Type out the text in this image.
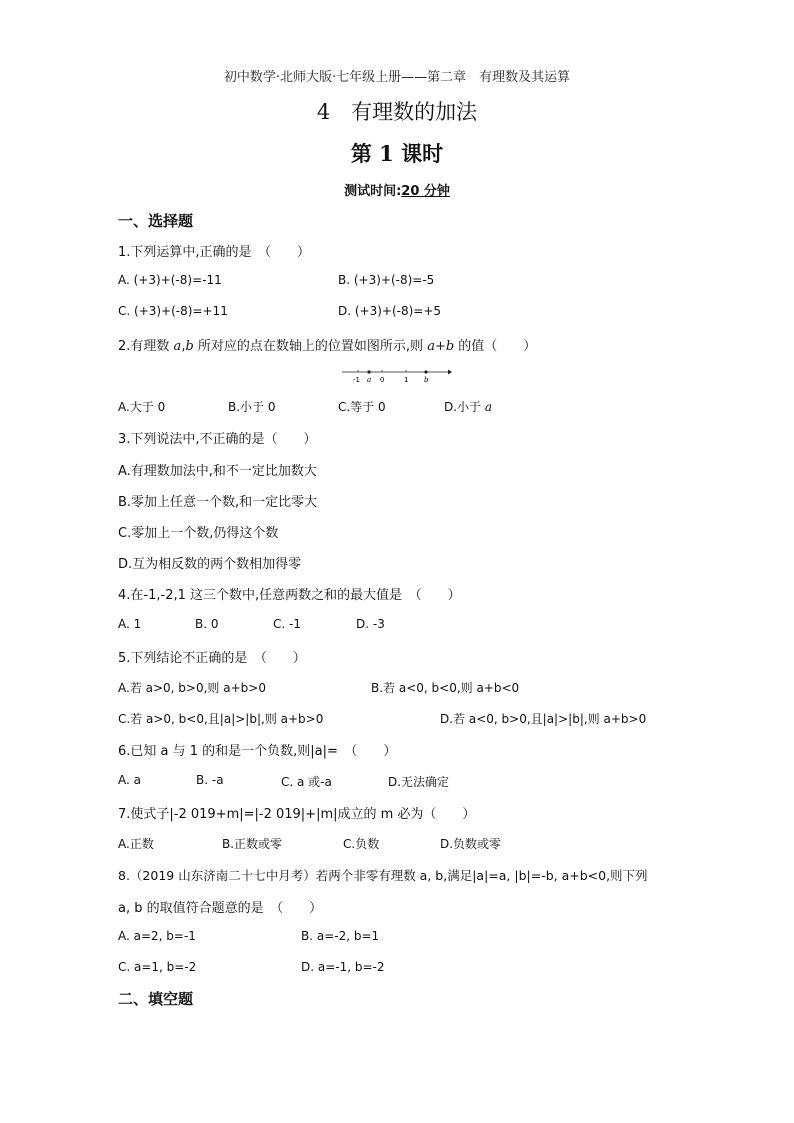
初中数学·北师大版·七年级上册——第二章　有理数及其运算
4　有理数的加法
第 1 课时
测试时间:20 分钟
一、选择题
1.下列运算中,正确的是　（　　）
A. (+3)+(-8)=-11	B. (+3)+(-8)=-5
C. (+3)+(-8)=+11	D. (+3)+(-8)=+5
2.有理数 a,b 所对应的点在数轴上的位置如图所示,则 a+b 的值（　　）
-1 a 0	1 b
A.大于 0	B.小于 0	C.等于 0	D.小于 a
3.下列说法中,不正确的是（　　）
A.有理数加法中,和不一定比加数大
B.零加上任意一个数,和一定比零大
C.零加上一个数,仍得这个数
D.互为相反数的两个数相加得零
4.在-1,-2,1 这三个数中,任意两数之和的最大值是　（　　）
A. 1	B. 0	C. -1	D. -3
5.下列结论不正确的是　（　　）
A.若 a>0, b>0,则 a+b>0	B.若 a<0, b<0,则 a+b<0
C.若 a>0, b<0,且|a|>|b|,则 a+b>0	D.若 a<0, b>0,且|a|>|b|,则 a+b>0
6.已知 a 与 1 的和是一个负数,则|a|=　（　　）
A. a	B. -a	C. a 或-a	D.无法确定
7.使式子|-2 019+m|=|-2 019|+|m|成立的 m 必为（　　）
A.正数	B.正数或零	C.负数	D.负数或零
8.（2019 山东济南二十七中月考）若两个非零有理数 a, b,满足|a|=a, |b|=-b, a+b<0,则下列
a, b 的取值符合题意的是　（　　）
A. a=2, b=-1	B. a=-2, b=1
C. a=1, b=-2	D. a=-1, b=-2
二、填空题
